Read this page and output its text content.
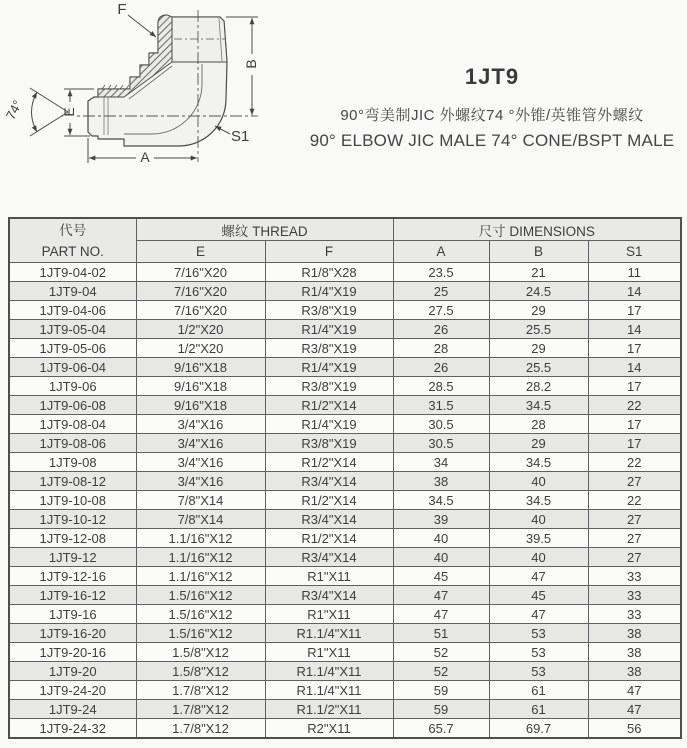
E
74°
A
B
F
S1
1JT9
90°弯美制JIC 外螺纹74 °外锥/英锥管外螺纹
90° ELBOW JIC MALE 74° CONE/BSPT MALE
代号
PART NO.	螺纹 THREAD		尺寸 DIMENSIONS		
	E	F	A	B	S1
1JT9-04-02	7/16"X20	R1/8"X28	23.5	21	11
1JT9-04	7/16"X20	R1/4"X19	25	24.5	14
1JT9-04-06	7/16"X20	R3/8"X19	27.5	29	17
1JT9-05-04	1/2"X20	R1/4"X19	26	25.5	14
1JT9-05-06	1/2"X20	R3/8"X19	28	29	17
1JT9-06-04	9/16"X18	R1/4"X19	26	25.5	14
1JT9-06	9/16"X18	R3/8"X19	28.5	28.2	17
1JT9-06-08	9/16"X18	R1/2"X14	31.5	34.5	22
1JT9-08-04	3/4"X16	R1/4"X19	30.5	28	17
1JT9-08-06	3/4"X16	R3/8"X19	30.5	29	17
1JT9-08	3/4"X16	R1/2"X14	34	34.5	22
1JT9-08-12	3/4"X16	R3/4"X14	38	40	27
1JT9-10-08	7/8"X14	R1/2"X14	34.5	34.5	22
1JT9-10-12	7/8"X14	R3/4"X14	39	40	27
1JT9-12-08	1.1/16"X12	R1/2"X14	40	39.5	27
1JT9-12	1.1/16"X12	R3/4"X14	40	40	27
1JT9-12-16	1.1/16"X12	R1"X11	45	47	33
1JT9-16-12	1.5/16"X12	R3/4"X14	47	45	33
1JT9-16	1.5/16"X12	R1"X11	47	47	33
1JT9-16-20	1.5/16"X12	R1.1/4"X11	51	53	38
1JT9-20-16	1.5/8"X12	R1"X11	52	53	38
1JT9-20	1.5/8"X12	R1.1/4"X11	52	53	38
1JT9-24-20	1.7/8"X12	R1.1/4"X11	59	61	47
1JT9-24	1.7/8"X12	R1.1/2"X11	59	61	47
1JT9-24-32	1.7/8"X12	R2"X11	65.7	69.7	56
